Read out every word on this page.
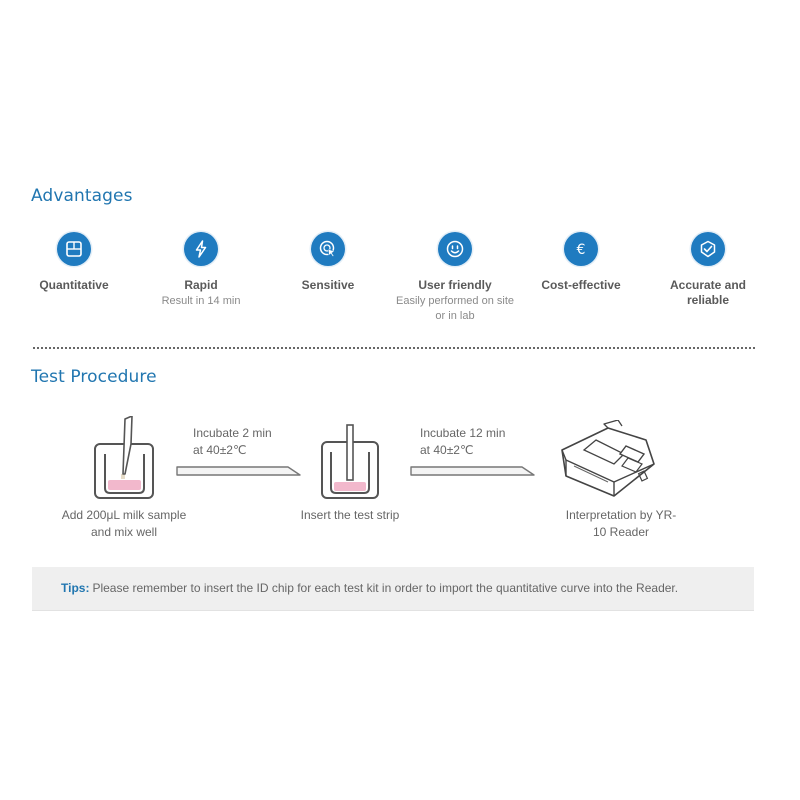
Advantages
Quantitative	Rapid
Result in 14 min
Sensitive	User friendly
Easily performed on site or in lab
€
Cost-effective	Accurate and reliable
Test Procedure
Incubate 2 min
at 40±2℃
Incubate 12 min
at 40±2℃
Add 200μL milk sample and mix well
Insert the test strip	Interpretation by YR-10 Reader
Tips: Please remember to insert the ID chip for each test kit in order to import the quantitative curve into the Reader.
